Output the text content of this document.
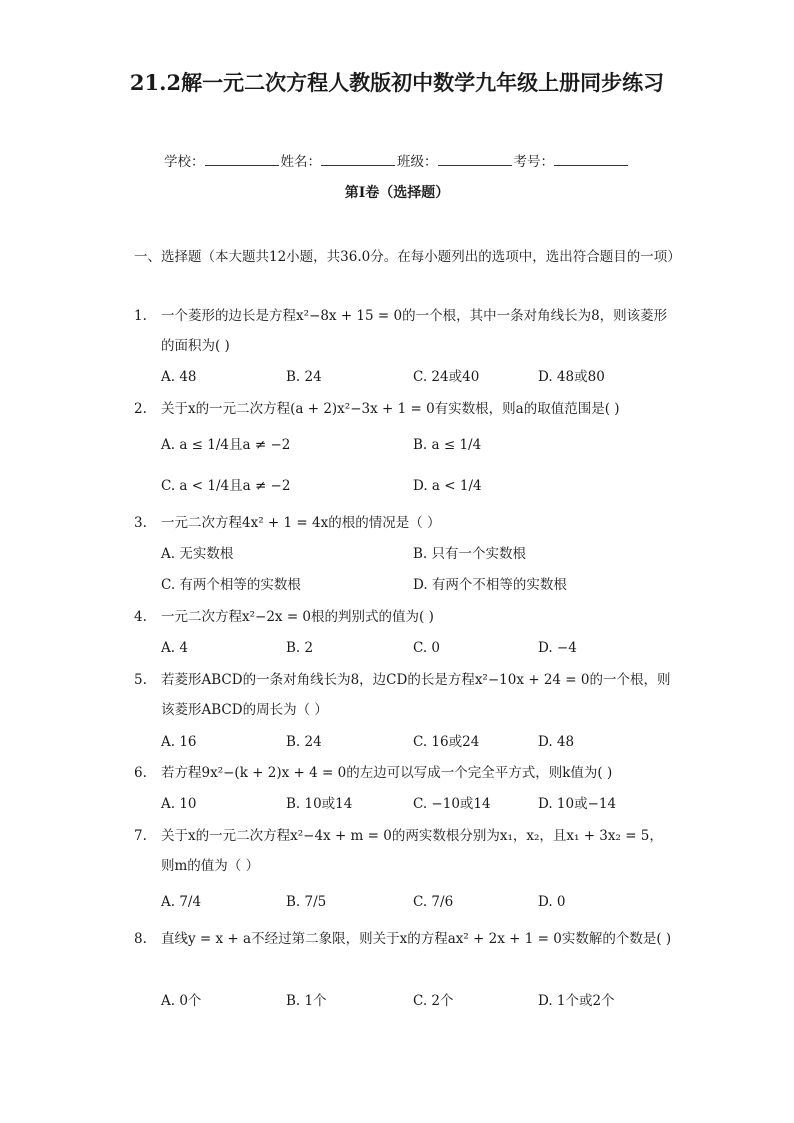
21.2解一元二次方程人教版初中数学九年级上册同步练习
学校：	姓名：	班级：	考号：
第I卷（选择题）
一、选择题（本大题共12小题，共36.0分。在每小题列出的选项中，选出符合题目的一项）
1.	一个菱形的边长是方程x²−8x + 15 = 0的一个根，其中一条对角线长为8，则该菱形的面积为( )
A. 48	B. 24	C. 24或40	D. 48或80
2.	关于x的一元二次方程(a + 2)x²−3x + 1 = 0有实数根，则a的取值范围是( )
A. a ≤ 1/4且a ≠ −2	B. a ≤ 1/4
C. a < 1/4且a ≠ −2	D. a < 1/4
3.	一元二次方程4x² + 1 = 4x的根的情况是（ ）
A. 无实数根	B. 只有一个实数根
C. 有两个相等的实数根	D. 有两个不相等的实数根
4.	一元二次方程x²−2x = 0根的判别式的值为( )
A. 4	B. 2	C. 0	D. −4
5.	若菱形ABCD的一条对角线长为8，边CD的长是方程x²−10x + 24 = 0的一个根，则该菱形ABCD的周长为（ ）
A. 16	B. 24	C. 16或24	D. 48
6.	若方程9x²−(k + 2)x + 4 = 0的左边可以写成一个完全平方式，则k值为( )
A. 10	B. 10或14	C. −10或14	D. 10或−14
7.	关于x的一元二次方程x²−4x + m = 0的两实数根分别为x₁，x₂，且x₁ + 3x₂ = 5，则m的值为（ ）
A. 7/4	B. 7/5	C. 7/6	D. 0
8.	直线y = x + a不经过第二象限，则关于x的方程ax² + 2x + 1 = 0实数解的个数是( )
A. 0个	B. 1个	C. 2个	D. 1个或2个
